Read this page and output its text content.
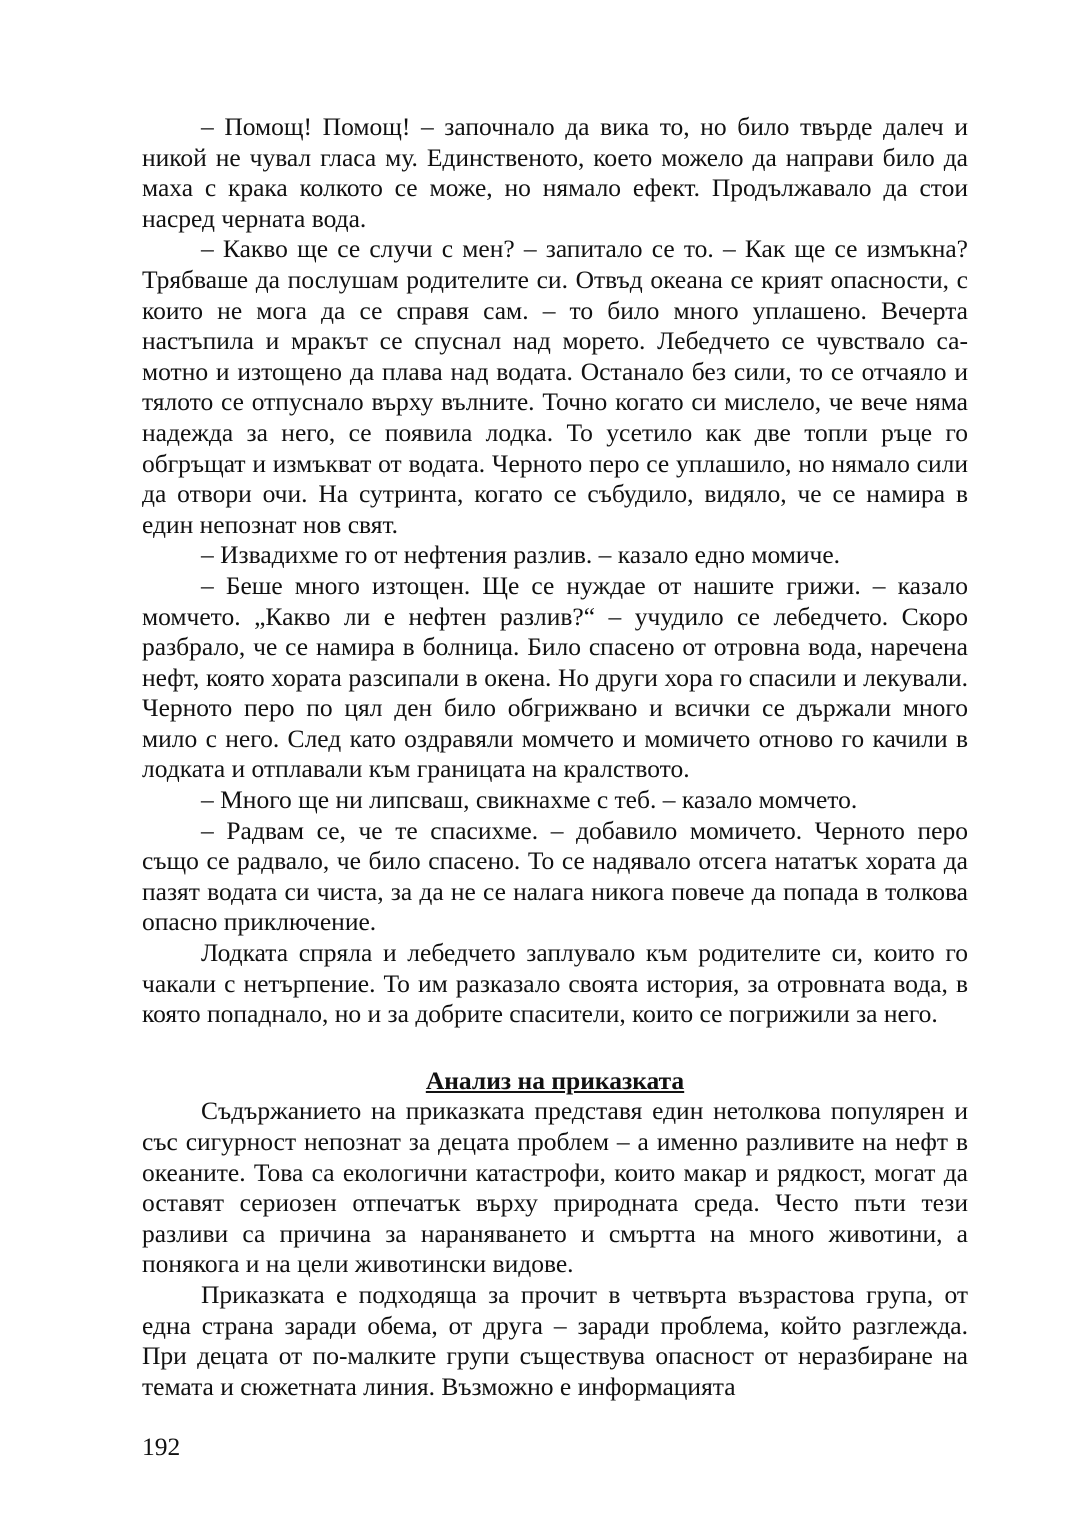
– Помощ! Помощ! – започнало да вика то, но било твърде далеч и никой не чувал гласа му. Единственото, което можело да направи било да маха с крака колкото се може, но нямало ефект. Продължавало да стои насред черната вода.

– Какво ще се случи с мен? – запитало се то. – Как ще се измъкна? Трябваше да послушам родителите си. Отвъд океана се крият опасности, с които не мога да се справя сам. – то било много уплашено. Вечерта настъпила и мракът се спуснал над морето. Лебедчето се чувствало самотно и изтощено да плава над водата. Останало без сили, то се отчаяло и тялото се отпуснало върху вълните. Точно когато си мислело, че вече няма надежда за него, се появила лодка. То усетило как две топли ръце го обгръщат и измъкват от водата. Черното перо се уплашило, но нямало сили да отвори очи. На сутринта, когато се събудило, видяло, че се намира в един непознат нов свят.

– Извадихме го от нефтения разлив. – казало едно момиче.

– Беше много изтощен. Ще се нуждае от нашите грижи. – казало момчето. „Какво ли е нефтен разлив?“ – учудило се лебедчето. Скоро разбрало, че се намира в болница. Било спасено от отровна вода, наречена нефт, която хората разсипали в окена. Но други хора го спасили и лекували. Черното перо по цял ден било обгрижвано и всички се държали много мило с него. След като оздравяли момчето и момичето отново го качили в лодката и отплавали към границата на кралството.

– Много ще ни липсваш, свикнахме с теб. – казало момчето.

– Радвам се, че те спасихме. – добавило момичето. Черното перо също се радвало, че било спасено. То се надявало отсега нататък хората да пазят водата си чиста, за да не се налага никога повече да попада в толкова опасно приключение.

Лодката спряла и лебедчето заплувало към родителите си, които го чакали с нетърпение. То им разказало своята история, за отровната вода, в която попаднало, но и за добрите спасители, които се погрижили за него.

Анализ на приказката

Съдържанието на приказката представя един нетолкова популярен и със сигурност непознат за децата проблем – а именно разливите на нефт в океаните. Това са екологични катастрофи, които макар и рядкост, могат да оставят сериозен отпечатък върху природната среда. Често пъти тези разливи са причина за нараняването и смъртта на много животини, а понякога и на цели животински видове.

Приказката е подходяща за прочит в четвърта възрастова група, от една страна заради обема, от друга – заради проблема, който разглежда. При децата от по-малките групи съществува опасност от неразбиране на темата и сюжетната линия. Възможно е информацията

192
